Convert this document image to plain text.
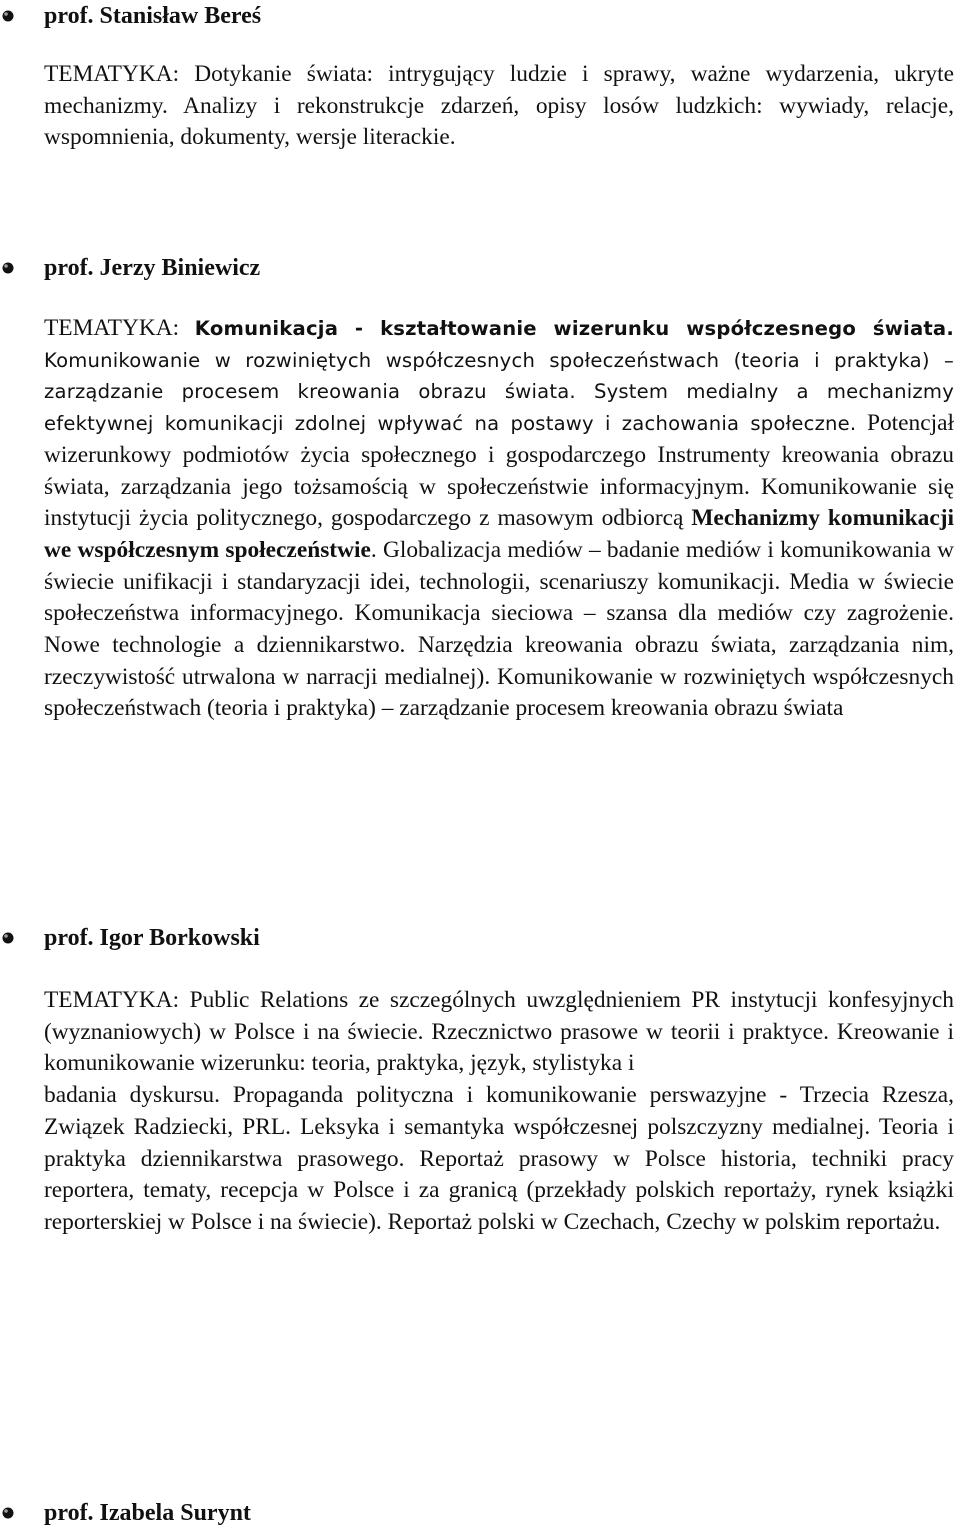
prof. Stanisław Bereś
TEMATYKA: Dotykanie świata: intrygujący ludzie i sprawy, ważne wydarzenia, ukryte mechanizmy. Analizy i rekonstrukcje zdarzeń, opisy losów ludzkich: wywiady, relacje, wspomnienia, dokumenty, wersje literackie.
prof. Jerzy Biniewicz
TEMATYKA: Komunikacja - kształtowanie wizerunku współczesnego świata. Komunikowanie w rozwiniętych współczesnych społeczeństwach (teoria i praktyka) – zarządzanie procesem kreowania obrazu świata. System medialny a mechanizmy efektywnej komunikacji zdolnej wpływać na postawy i zachowania społeczne. Potencjał wizerunkowy podmiotów życia społecznego i gospodarczego Instrumenty kreowania obrazu świata, zarządzania jego tożsamością w społeczeństwie informacyjnym. Komunikowanie się instytucji życia politycznego, gospodarczego z masowym odbiorcą Mechanizmy komunikacji we współczesnym społeczeństwie. Globalizacja mediów – badanie mediów i komunikowania w świecie unifikacji i standaryzacji idei, technologii, scenariuszy komunikacji. Media w świecie społeczeństwa informacyjnego. Komunikacja sieciowa – szansa dla mediów czy zagrożenie. Nowe technologie a dziennikarstwo. Narzędzia kreowania obrazu świata, zarządzania nim, rzeczywistość utrwalona w narracji medialnej). Komunikowanie w rozwiniętych współczesnych społeczeństwach (teoria i praktyka) – zarządzanie procesem kreowania obrazu świata
prof. Igor Borkowski
TEMATYKA: Public Relations ze szczególnych uwzględnieniem PR instytucji konfesyjnych (wyznaniowych) w Polsce i na świecie. Rzecznictwo prasowe w teorii i praktyce. Kreowanie i komunikowanie wizerunku: teoria, praktyka, język, stylistyka i
badania dyskursu. Propaganda polityczna i komunikowanie perswazyjne - Trzecia Rzesza, Związek Radziecki, PRL. Leksyka i semantyka współczesnej polszczyzny medialnej. Teoria i praktyka dziennikarstwa prasowego. Reportaż prasowy w Polsce historia, techniki pracy reportera, tematy, recepcja w Polsce i za granicą (przekłady polskich reportaży, rynek książki reporterskiej w Polsce i na świecie). Reportaż polski w Czechach, Czechy w polskim reportażu.
prof. Izabela Surynt
